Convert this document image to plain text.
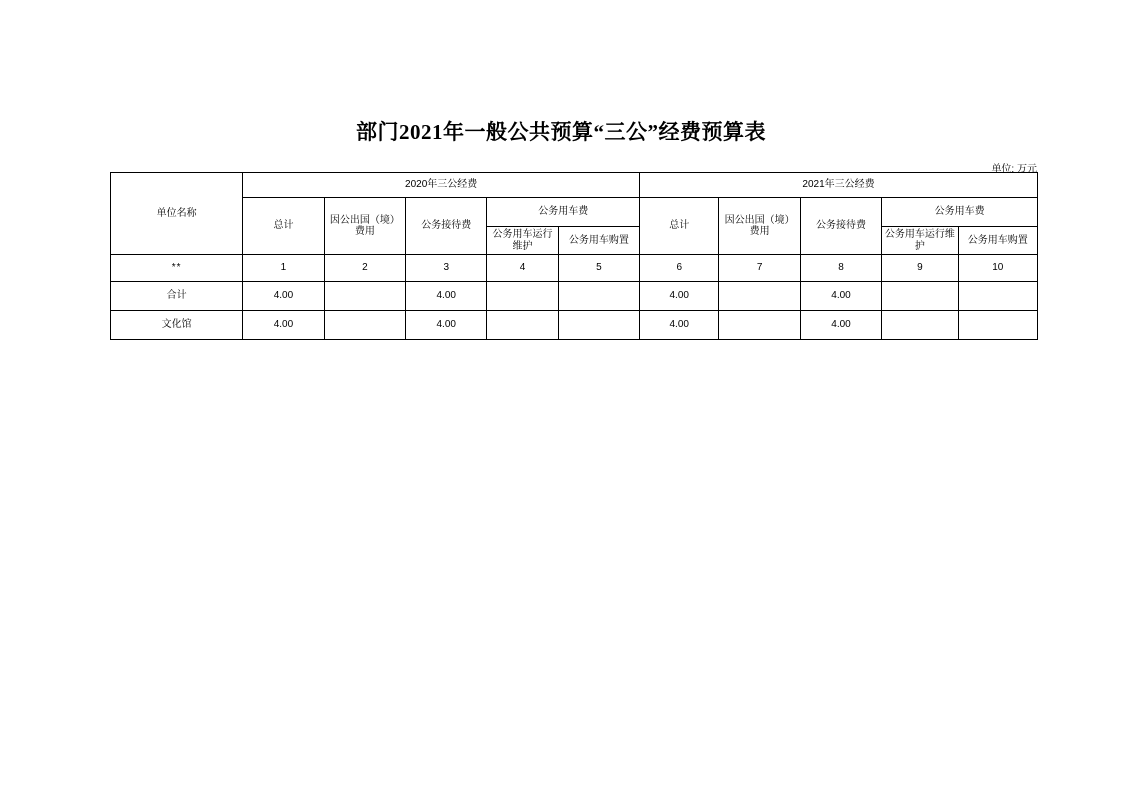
部门2021年一般公共预算“三公”经费预算表
单位: 万元
单位名称	2020年三公经费					2021年三公经费				
	总计	因公出国（境）费用	公务接待费	公务用车费		总计	因公出国（境）费用	公务接待费	公务用车费	
				公务用车运行维护	公务用车购置				公务用车运行维护	公务用车购置
**	1	2	3	4	5	6	7	8	9	10
合计	4.00		4.00			4.00		4.00		
文化馆	4.00		4.00			4.00		4.00		
